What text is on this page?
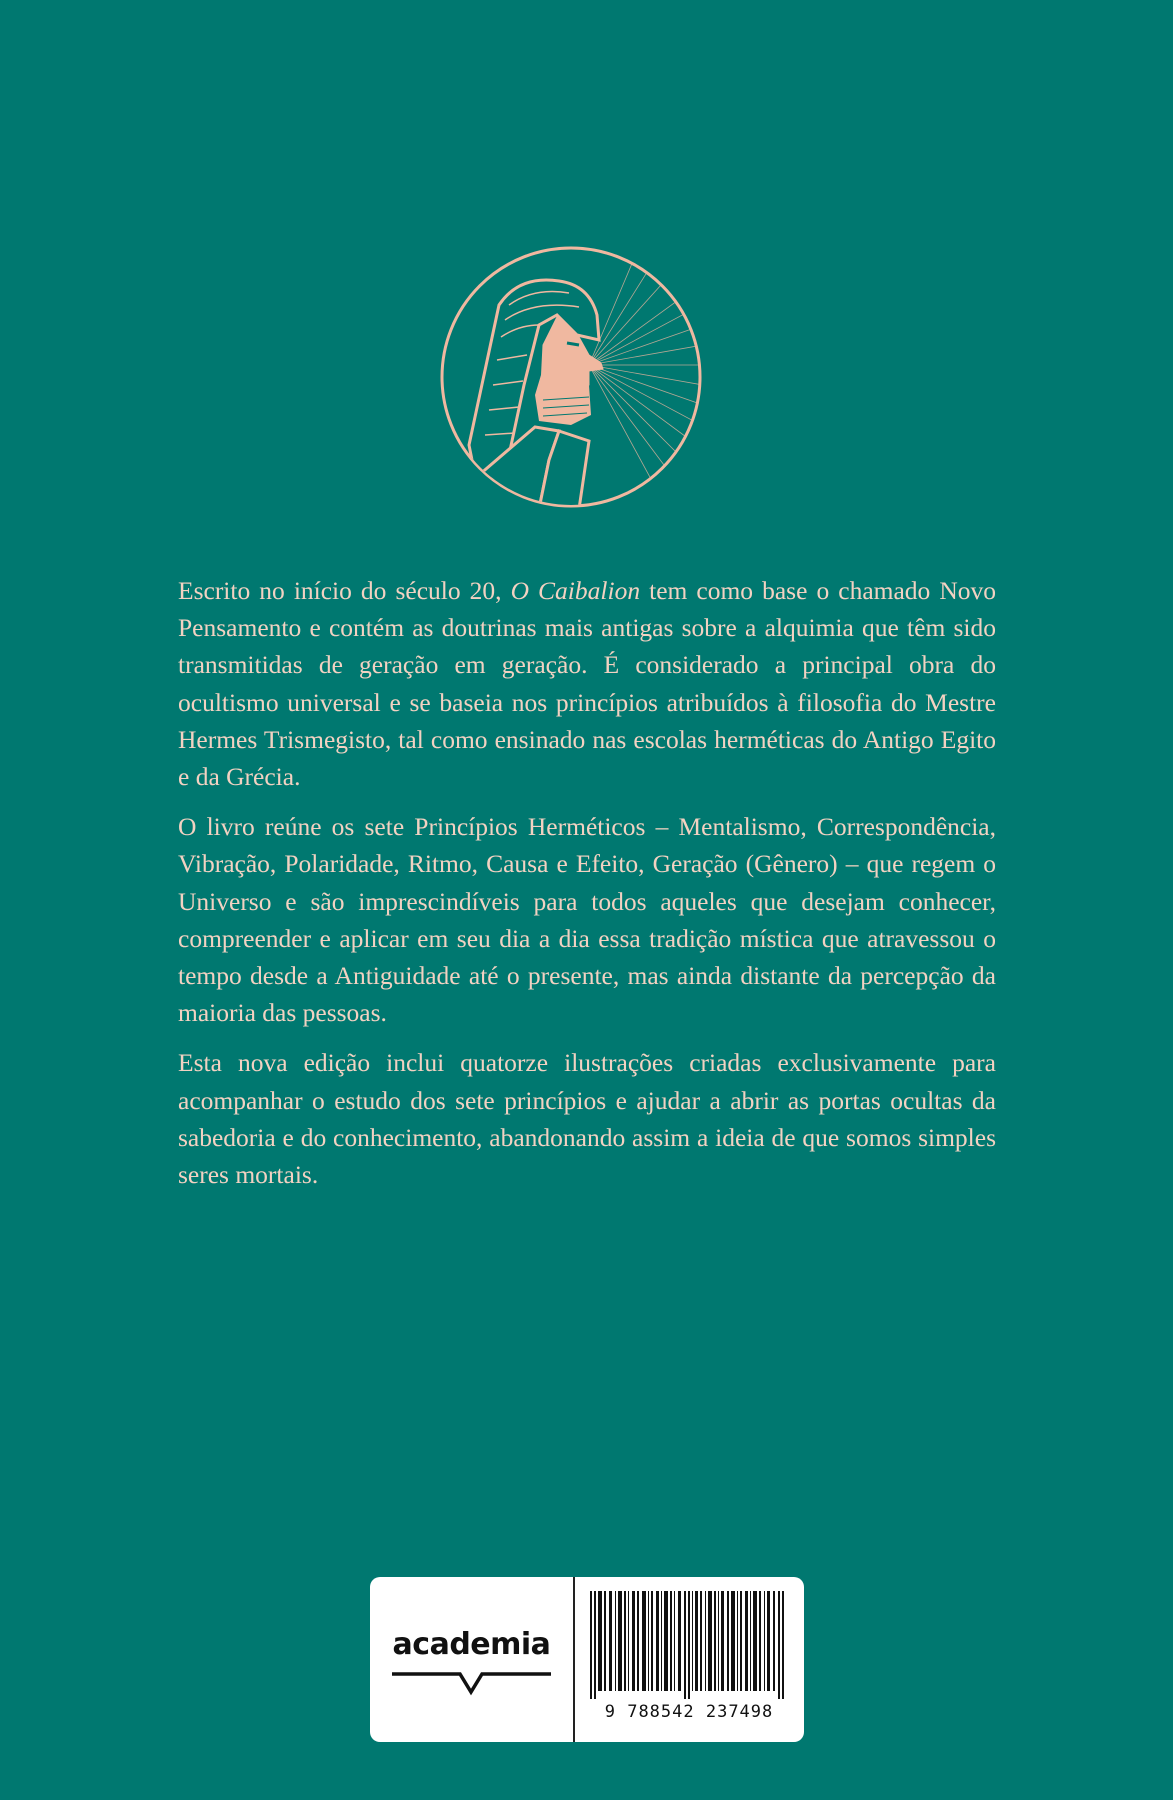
Escrito no início do século 20, O Caibalion tem como base o chamado Novo Pensamento e contém as doutrinas mais antigas sobre a alquimia que têm sido transmitidas de geração em geração. É considerado a principal obra do ocultismo universal e se baseia nos princípios atribuídos à filosofia do Mestre Hermes Trismegisto, tal como ensinado nas escolas herméticas do Antigo Egito e da Grécia.

O livro reúne os sete Princípios Herméticos – Mentalismo, Correspondência, Vibração, Polaridade, Ritmo, Causa e Efeito, Geração (Gênero) – que regem o Universo e são imprescindíveis para todos aqueles que desejam conhecer, compreender e aplicar em seu dia a dia essa tradição mística que atravessou o tempo desde a Antiguidade até o presente, mas ainda distante da percepção da maioria das pessoas.

Esta nova edição inclui quatorze ilustrações criadas exclusivamente para acompanhar o estudo dos sete princípios e ajudar a abrir as portas ocultas da sabedoria e do conhecimento, abandonando assim a ideia de que somos simples seres mortais.

academia
9 788542 237498
